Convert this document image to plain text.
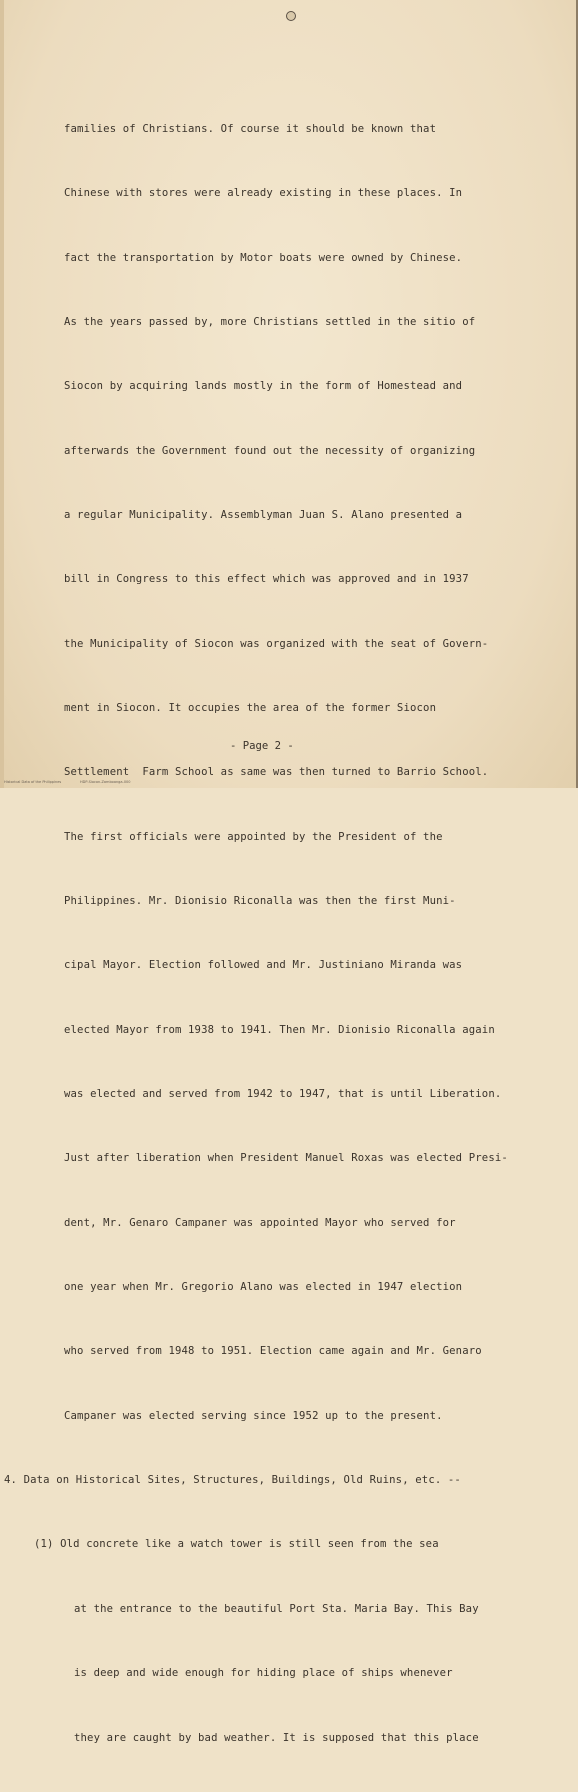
families of Christians. Of course it should be known that

Chinese with stores were already existing in these places. In

fact the transportation by Motor boats were owned by Chinese.

As the years passed by, more Christians settled in the sitio of

Siocon by acquiring lands mostly in the form of Homestead and

afterwards the Government found out the necessity of organizing

a regular Municipality. Assemblyman Juan S. Alano presented a

bill in Congress to this effect which was approved and in 1937

the Municipality of Siocon was organized with the seat of Govern-

ment in Siocon. It occupies the area of the former Siocon

Settlement  Farm School as same was then turned to Barrio School.

The first officials were appointed by the President of the

Philippines. Mr. Dionisio Riconalla was then the first Muni-

cipal Mayor. Election followed and Mr. Justiniano Miranda was

elected Mayor from 1938 to 1941. Then Mr. Dionisio Riconalla again

was elected and served from 1942 to 1947, that is until Liberation.

Just after liberation when President Manuel Roxas was elected Presi-

dent, Mr. Genaro Campaner was appointed Mayor who served for

one year when Mr. Gregorio Alano was elected in 1947 election

who served from 1948 to 1951. Election came again and Mr. Genaro

Campaner was elected serving since 1952 up to the present.

4. Data on Historical Sites, Structures, Buildings, Old Ruins, etc. --

(1) Old concrete like a watch tower is still seen from the sea

at the entrance to the beautiful Port Sta. Maria Bay. This Bay

is deep and wide enough for hiding place of ships whenever

they are caught by bad weather. It is supposed that this place

- Page 2 -
Historical Data of the Philippines	HDP-Siocon-Zamboanga-000
